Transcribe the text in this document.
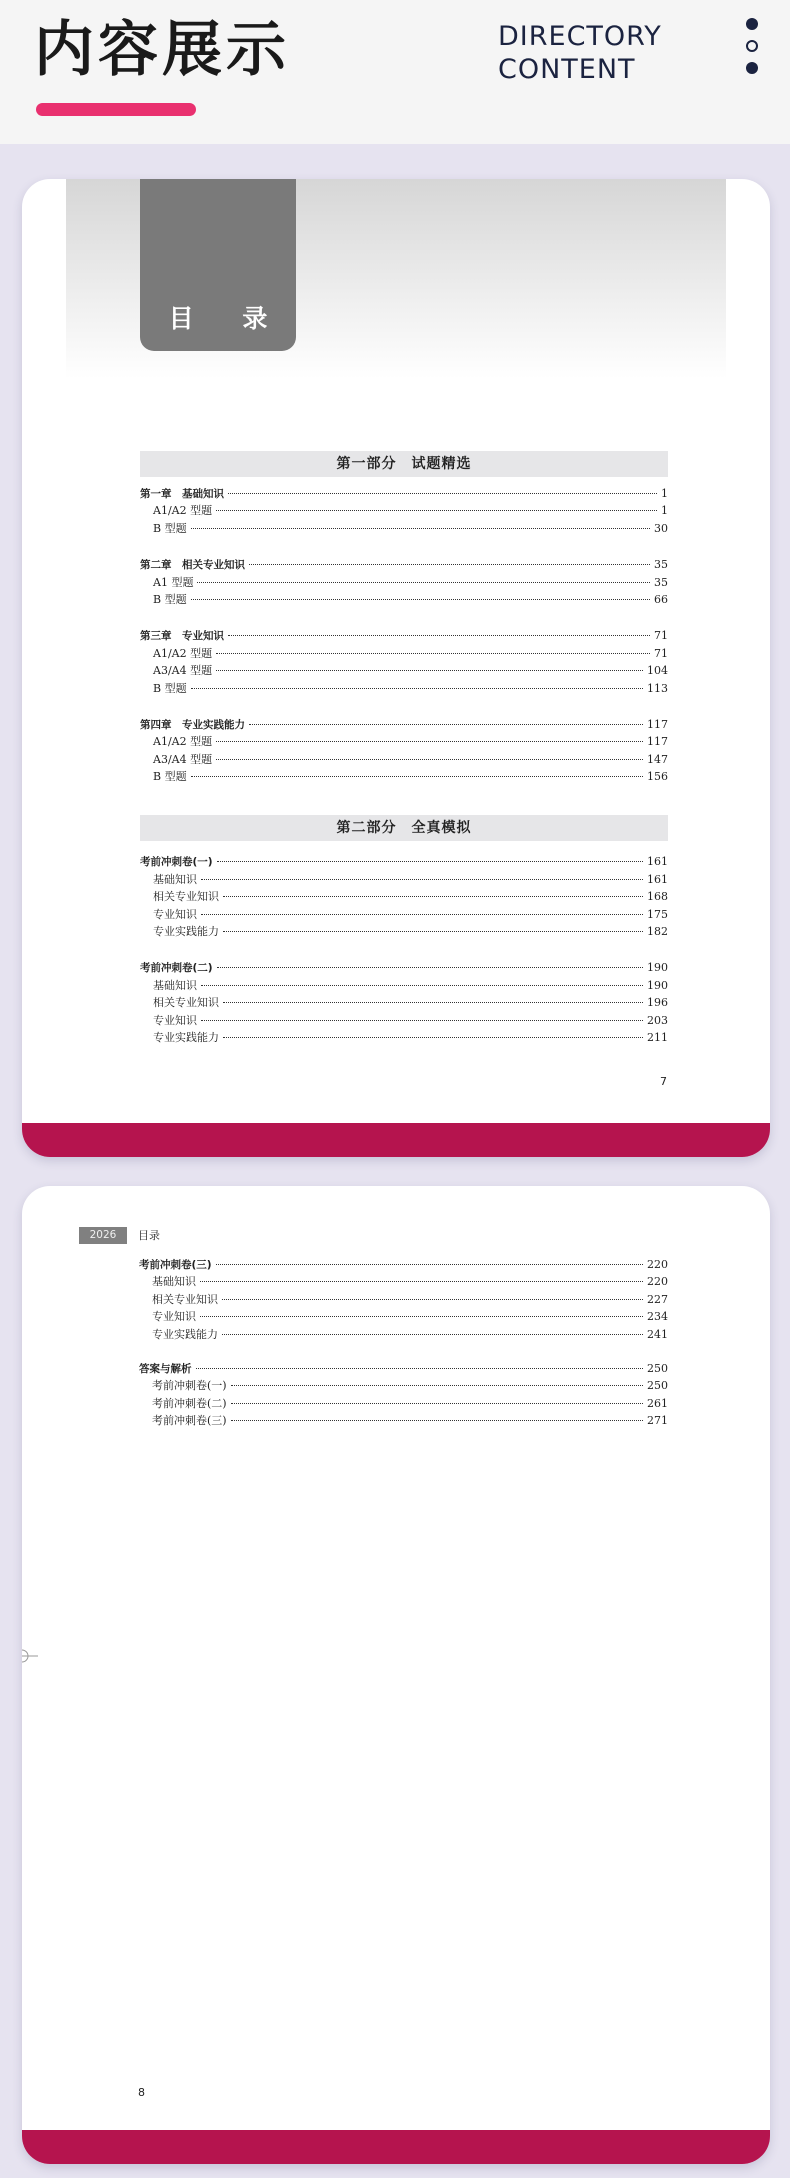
内容展示	DIRECTORY
CONTENT
目 录
第一部分　试题精选
第一章　基础知识	1
A1/A2 型题	1
B 型题	30
第二章　相关专业知识	35
A1 型题	35
B 型题	66
第三章　专业知识	71
A1/A2 型题	71
A3/A4 型题	104
B 型题	113
第四章　专业实践能力	117
A1/A2 型题	117
A3/A4 型题	147
B 型题	156
第二部分　全真模拟
考前冲刺卷(一)	161
基础知识	161
相关专业知识	168
专业知识	175
专业实践能力	182
考前冲刺卷(二)	190
基础知识	190
相关专业知识	196
专业知识	203
专业实践能力	211
7
2026	目录
考前冲刺卷(三)	220
基础知识	220
相关专业知识	227
专业知识	234
专业实践能力	241
答案与解析	250
考前冲刺卷(一)	250
考前冲刺卷(二)	261
考前冲刺卷(三)	271
8
